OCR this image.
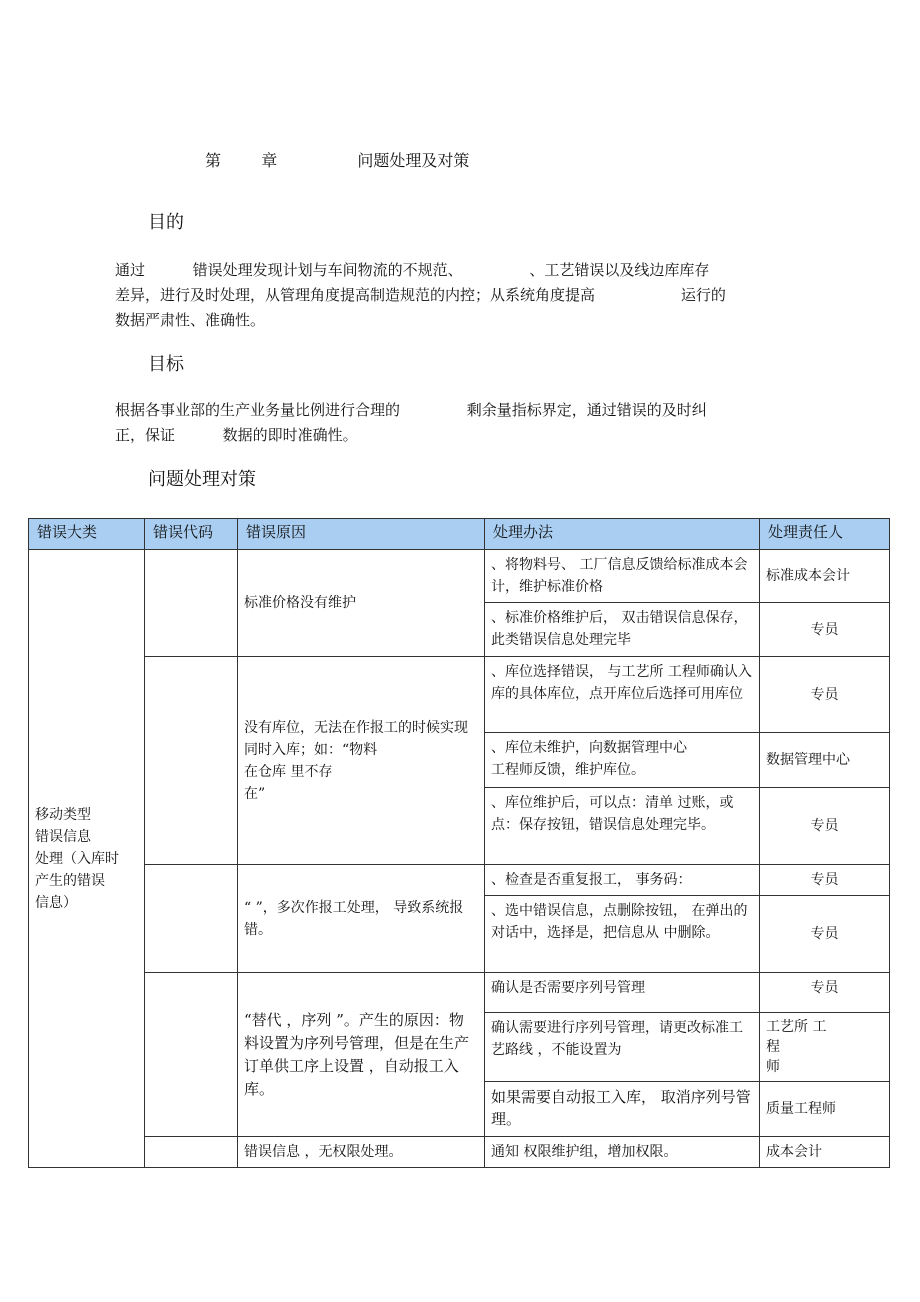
第	章	问题处理及对策
目的
通过          错误处理发现计划与车间物流的不规范、              、工艺错误以及线边库库存
差异，进行及时处理，从管理角度提高制造规范的内控；从系统角度提高                  运行的
数据严肃性、准确性。
目标
根据各事业部的生产业务量比例进行合理的              剩余量指标界定，通过错误的及时纠
正，保证          数据的即时准确性。
问题处理对策
错误大类	错误代码	错误原因	处理办法	处理责任人
移动类型
错误信息
处理（入库时
产生的错误
信息）		标准价格没有维护	、将物料号、 工厂信息反馈给标准成本会计，维护标准价格	标准成本会计
			、标准价格维护后， 双击错误信息保存，此类错误信息处理完毕	专员
		没有库位，无法在作报工的时候实现同时入库；如：“物料
在仓库 里不存
在”	、库位选择错误， 与工艺所 工程师确认入库的具体库位，点开库位后选择可用库位	专员
			、库位未维护，向数据管理中心
工程师反馈，维护库位。	数据管理中心
			、库位维护后，可以点：清单 过账，或点：保存按钮，错误信息处理完毕。	专员
		“ ”，多次作报工处理， 导致系统报错。	、检查是否重复报工， 事务码：	专员
			、选中错误信息，点删除按钮， 在弹出的对话中，选择是，把信息从 中删除。	专员
		“替代 ，序列 ”。产生的原因：物料设置为序列号管理，但是在生产订单供工序上设置 ，自动报工入库。	确认是否需要序列号管理	专员
			确认需要进行序列号管理，请更改标准工艺路线 ，不能设置为	工艺所 工
程
师
			如果需要自动报工入库， 取消序列号管理。	质量工程师
		错误信息 ，无权限处理。	通知 权限维护组，增加权限。	成本会计
